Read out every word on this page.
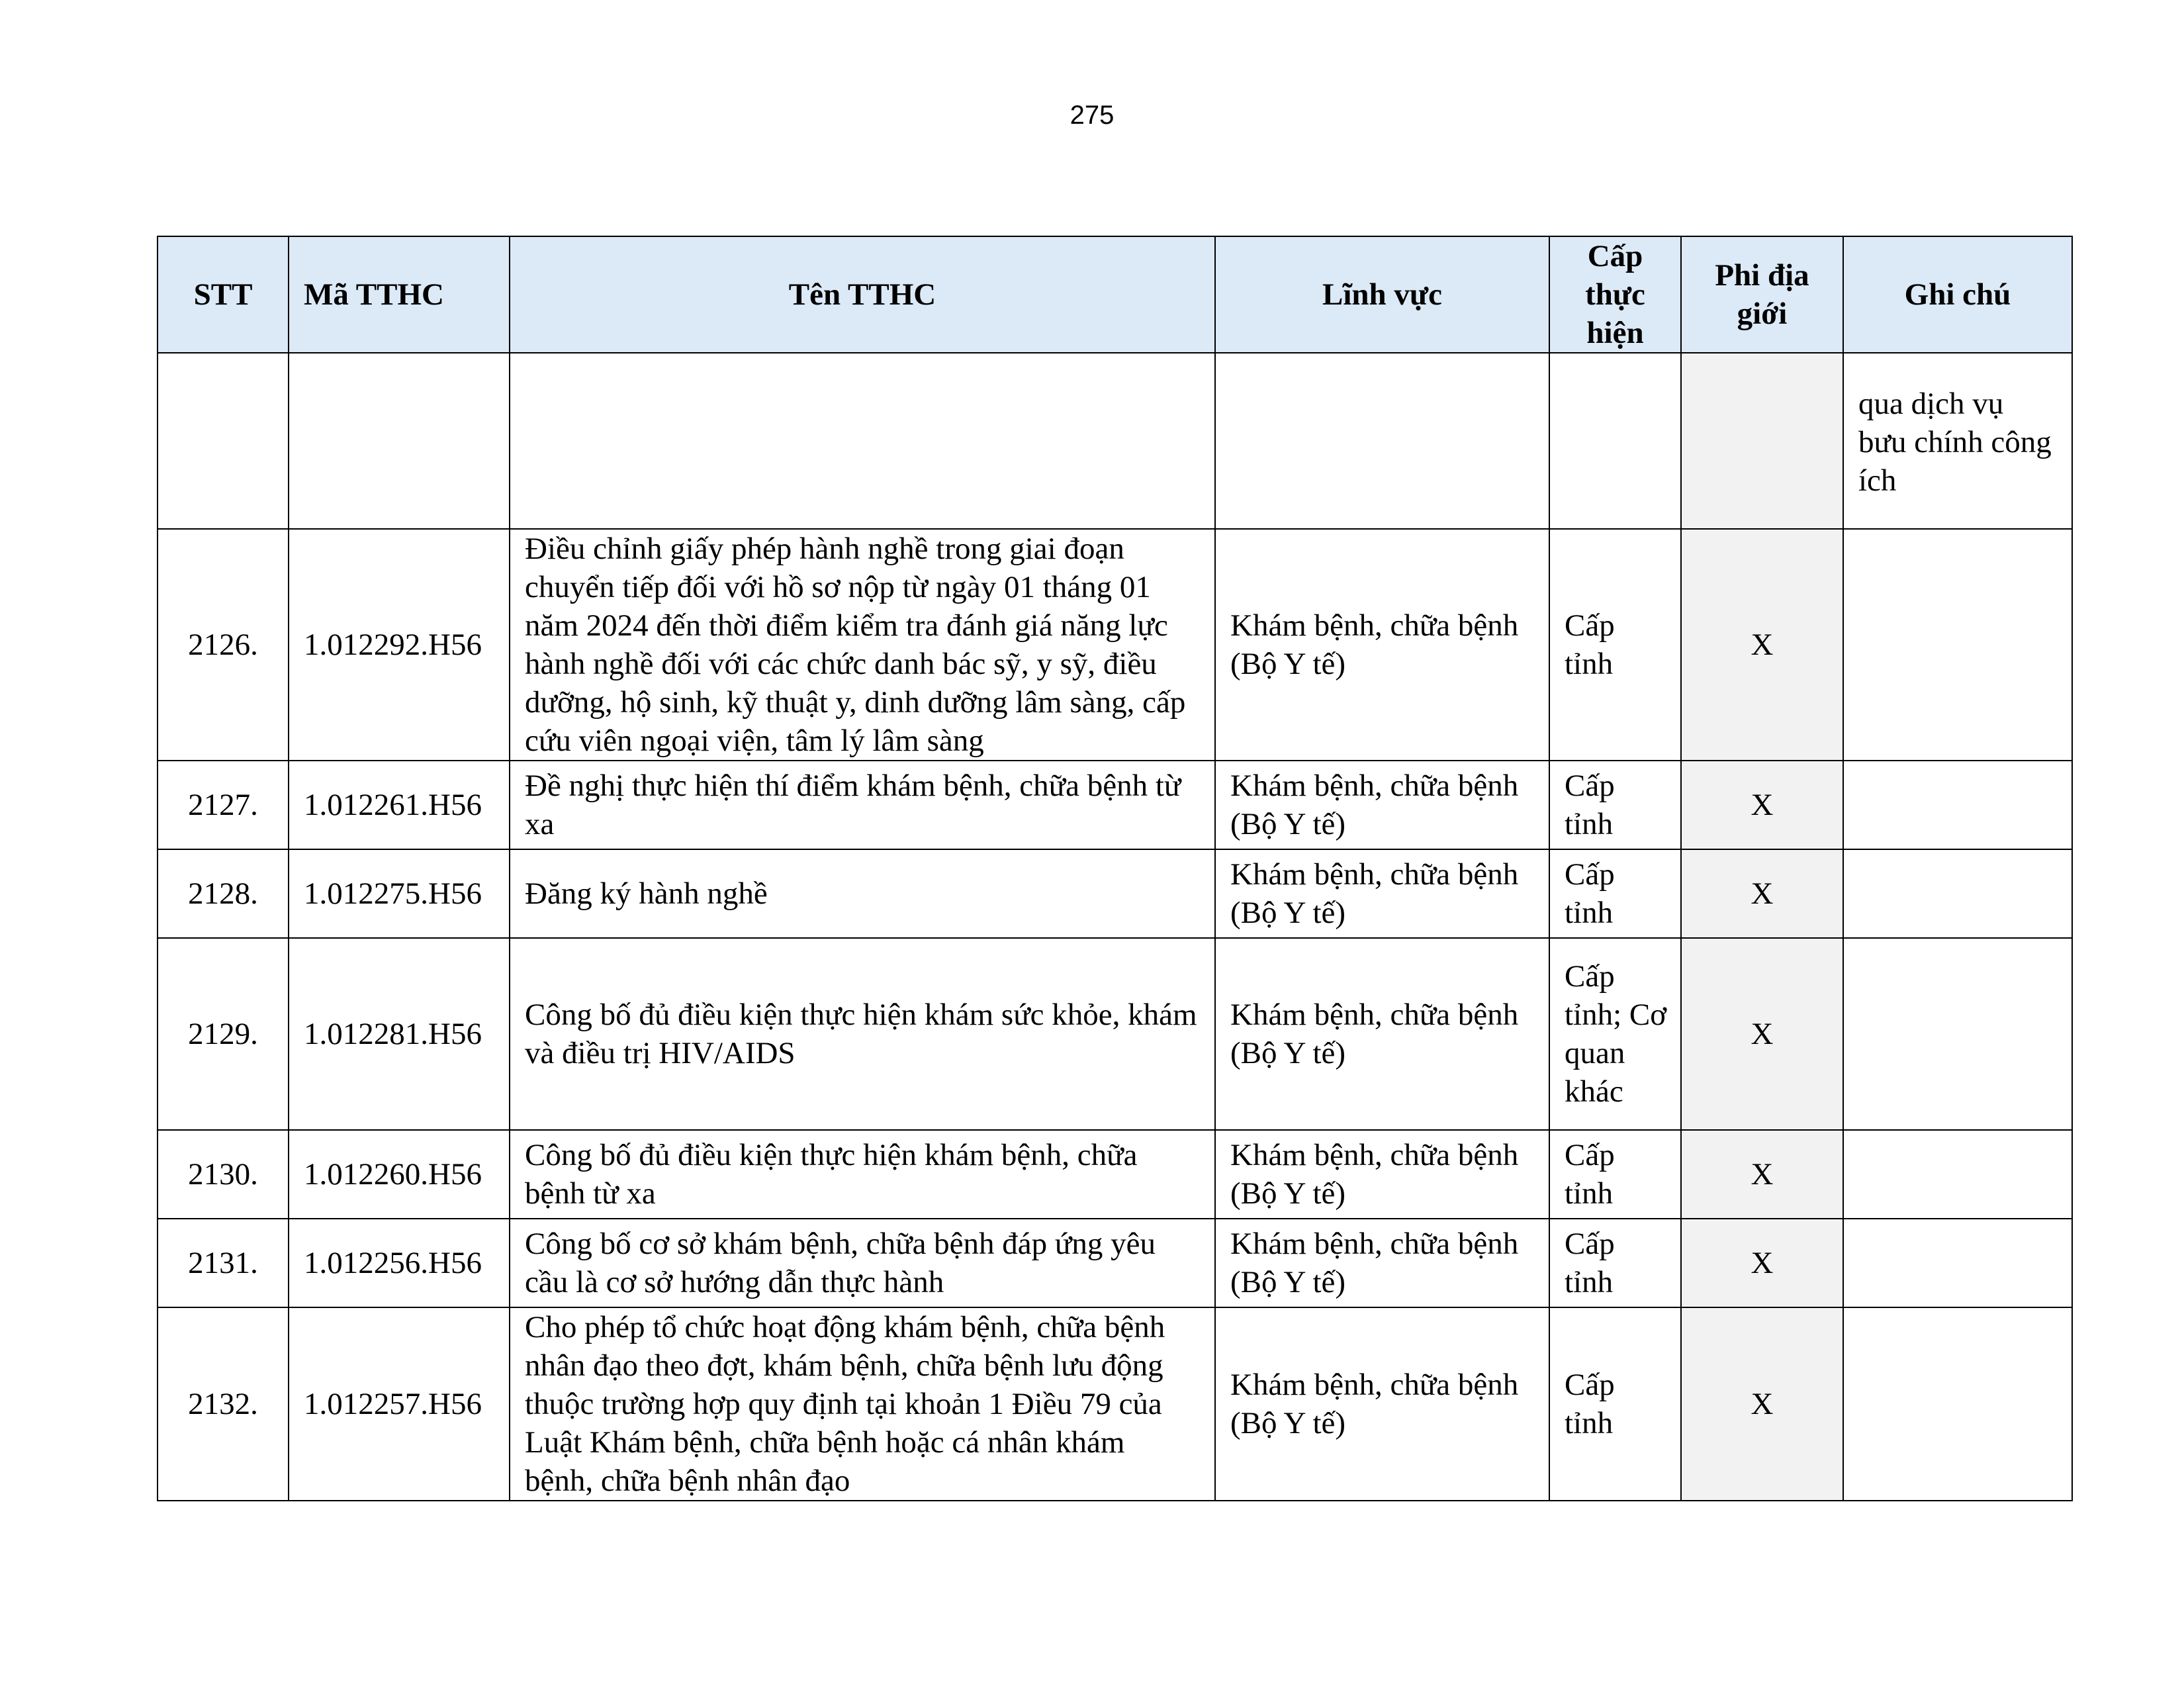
275
STT	Mã TTHC	Tên TTHC	Lĩnh vực	Cấp thực hiện	Phi địa giới	Ghi chú
						qua dịch vụ bưu chính công ích
2126.	1.012292.H56	Điều chỉnh giấy phép hành nghề trong giai đoạn chuyển tiếp đối với hồ sơ nộp từ ngày 01 tháng 01 năm 2024 đến thời điểm kiểm tra đánh giá năng lực hành nghề đối với các chức danh bác sỹ, y sỹ, điều dưỡng, hộ sinh, kỹ thuật y, dinh dưỡng lâm sàng, cấp cứu viên ngoại viện, tâm lý lâm sàng	Khám bệnh, chữa bệnh (Bộ Y tế)	Cấp tỉnh	X	
2127.	1.012261.H56	Đề nghị thực hiện thí điểm khám bệnh, chữa bệnh từ xa	Khám bệnh, chữa bệnh (Bộ Y tế)	Cấp tỉnh	X	
2128.	1.012275.H56	Đăng ký hành nghề	Khám bệnh, chữa bệnh (Bộ Y tế)	Cấp tỉnh	X	
2129.	1.012281.H56	Công bố đủ điều kiện thực hiện khám sức khỏe, khám và điều trị HIV/AIDS	Khám bệnh, chữa bệnh (Bộ Y tế)	Cấp tỉnh; Cơ quan khác	X	
2130.	1.012260.H56	Công bố đủ điều kiện thực hiện khám bệnh, chữa bệnh từ xa	Khám bệnh, chữa bệnh (Bộ Y tế)	Cấp tỉnh	X	
2131.	1.012256.H56	Công bố cơ sở khám bệnh, chữa bệnh đáp ứng yêu cầu là cơ sở hướng dẫn thực hành	Khám bệnh, chữa bệnh (Bộ Y tế)	Cấp tỉnh	X	
2132.	1.012257.H56	Cho phép tổ chức hoạt động khám bệnh, chữa bệnh nhân đạo theo đợt, khám bệnh, chữa bệnh lưu động thuộc trường hợp quy định tại khoản 1 Điều 79 của Luật Khám bệnh, chữa bệnh hoặc cá nhân khám bệnh, chữa bệnh nhân đạo	Khám bệnh, chữa bệnh (Bộ Y tế)	Cấp tỉnh	X	
